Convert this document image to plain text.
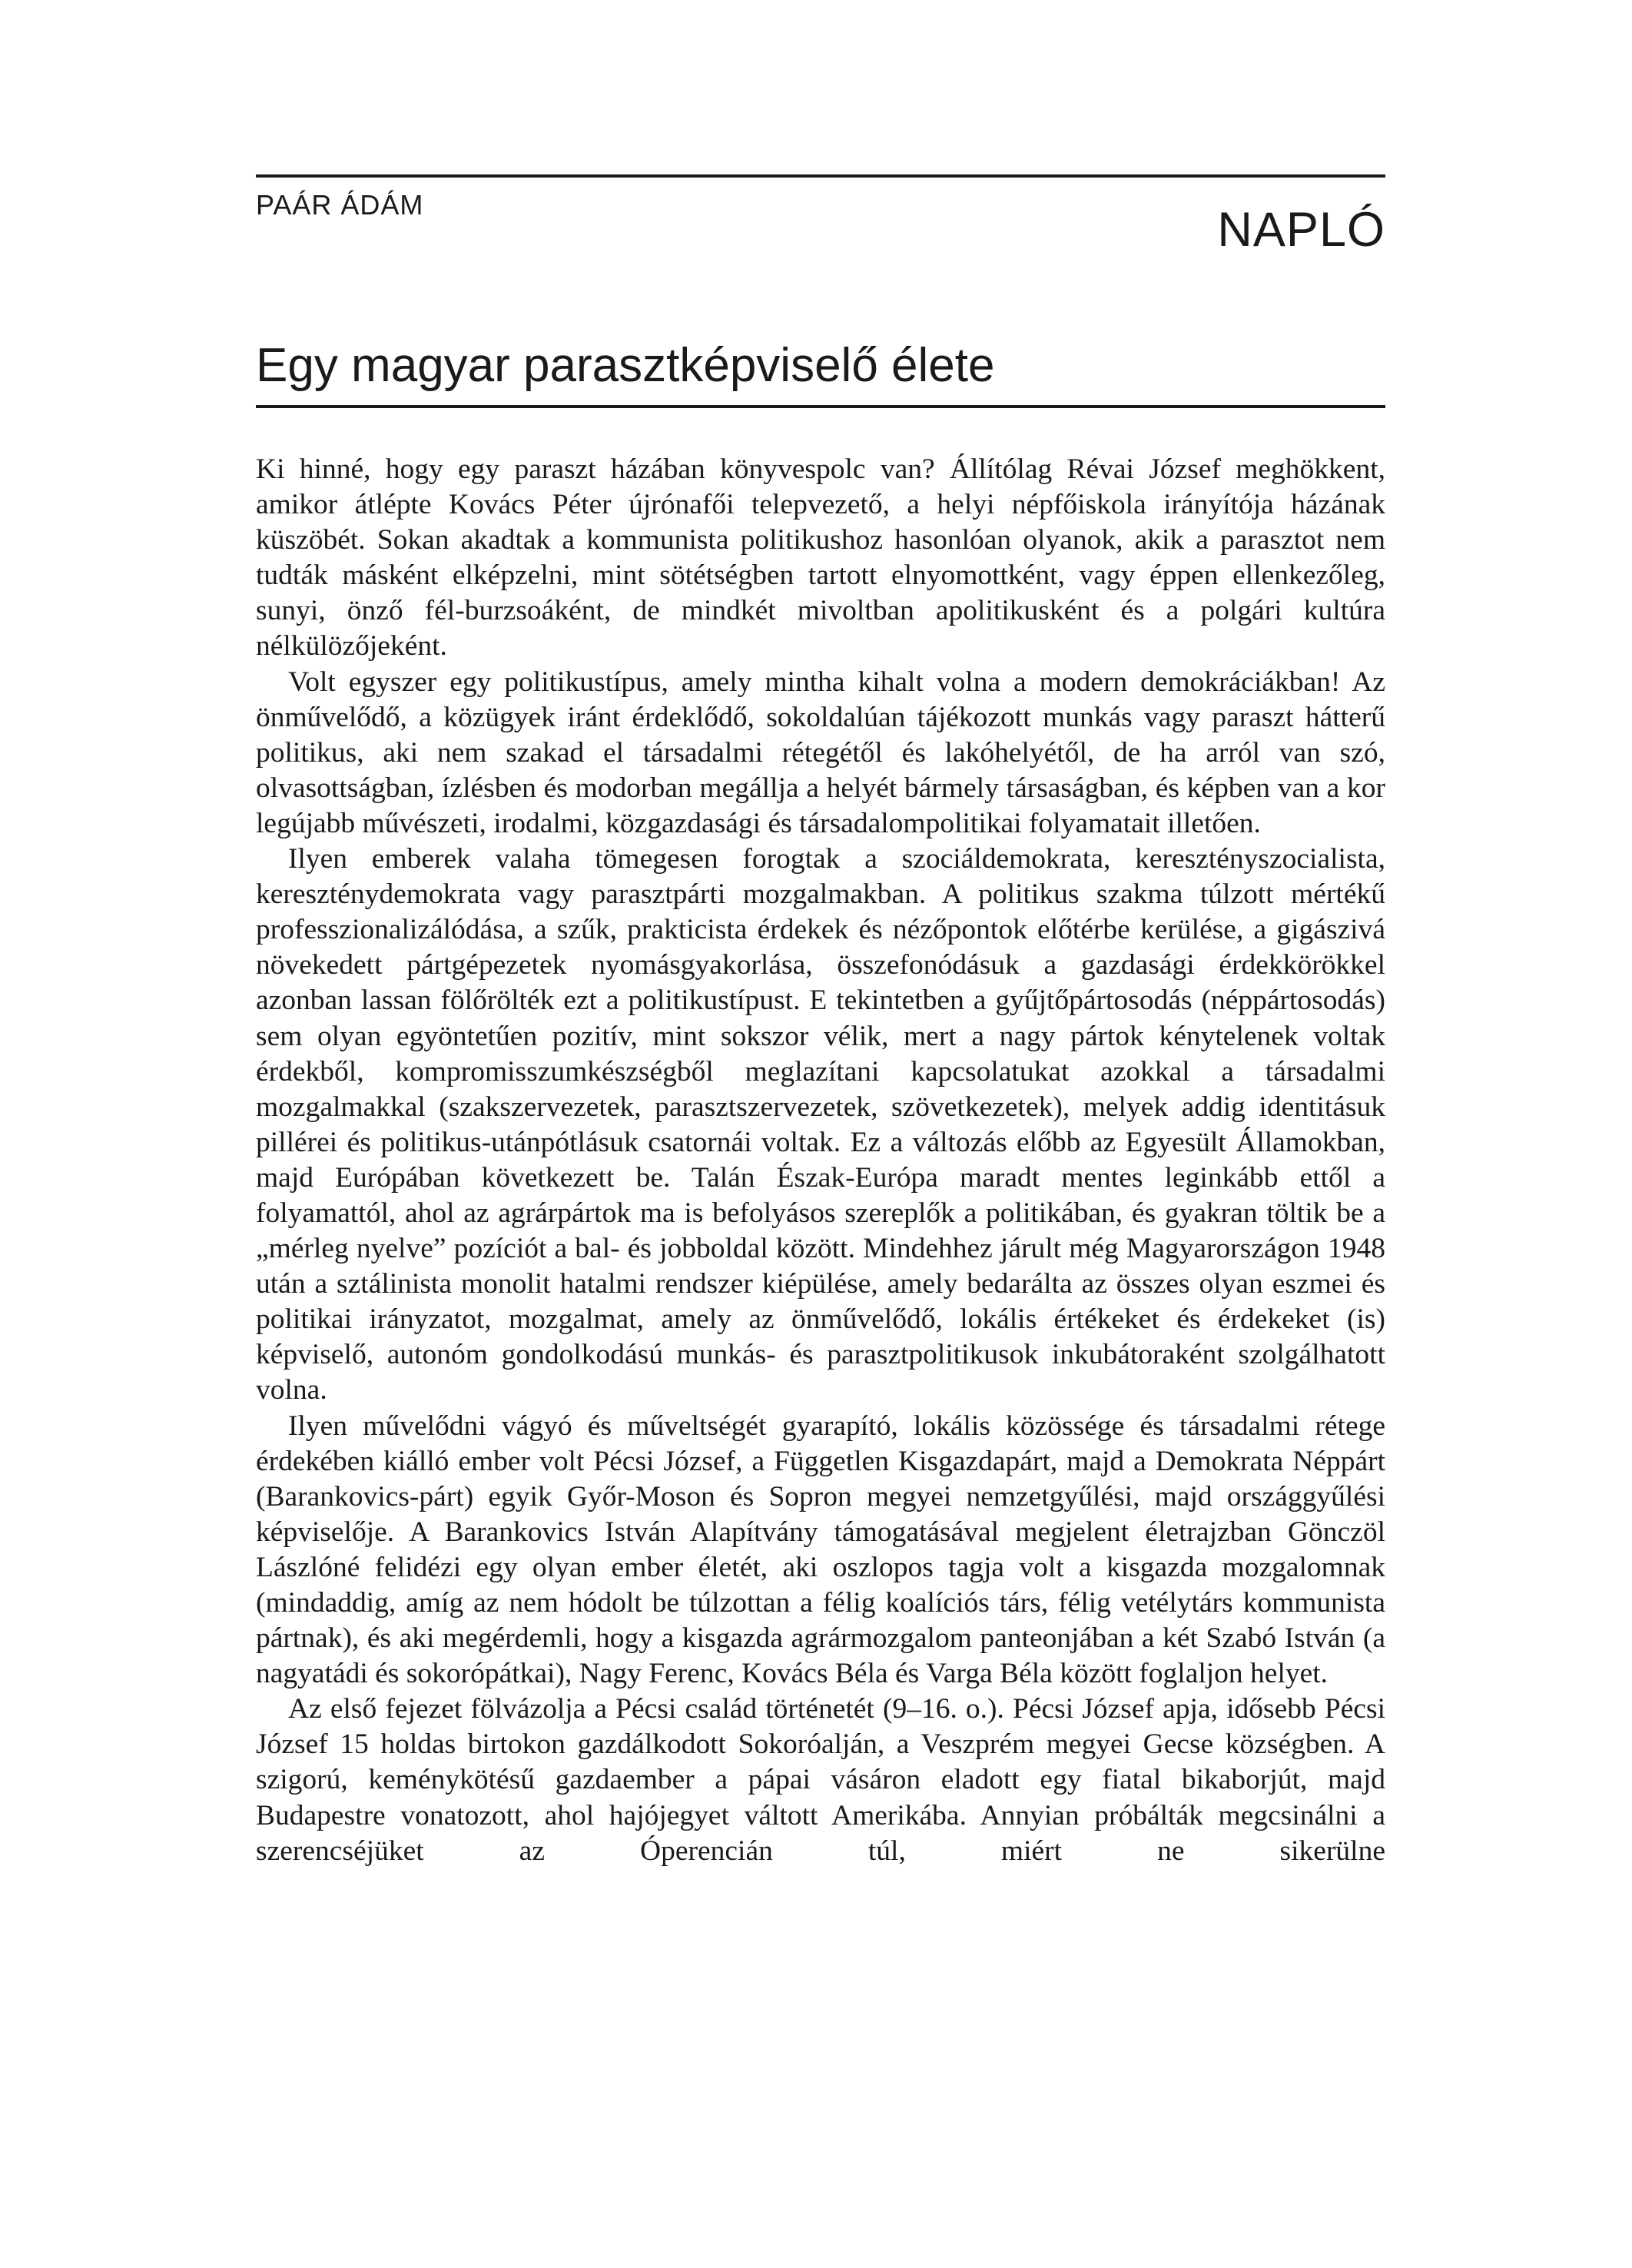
PAÁR ÁDÁM	NAPLÓ
Egy magyar parasztképviselő élete

Ki hinné, hogy egy paraszt házában könyvespolc van? Állítólag Révai József meghökkent, amikor átlépte Kovács Péter újrónafői telepvezető, a helyi népfőiskola irányítója házának küszöbét. Sokan akadtak a kommunista politikushoz hasonlóan olyanok, akik a parasztot nem tudták másként elképzelni, mint sötétségben tartott elnyomottként, vagy éppen ellenkezőleg, sunyi, önző fél-burzsoáként, de mindkét mivoltban apolitikusként és a polgári kultúra nélkülözőjeként.

Volt egyszer egy politikustípus, amely mintha kihalt volna a modern demokráciákban! Az önművelődő, a közügyek iránt érdeklődő, sokoldalúan tájékozott munkás vagy paraszt hátterű politikus, aki nem szakad el társadalmi rétegétől és lakóhelyétől, de ha arról van szó, olvasottságban, ízlésben és modorban megállja a helyét bármely társaságban, és képben van a kor legújabb művészeti, irodalmi, közgazdasági és társadalompolitikai folyamatait illetően.

Ilyen emberek valaha tömegesen forogtak a szociáldemokrata, keresztényszocialista, kereszténydemokrata vagy parasztpárti mozgalmakban. A politikus szakma túlzott mértékű professzionalizálódása, a szűk, prakticista érdekek és nézőpontok előtérbe kerülése, a gigászivá növekedett pártgépezetek nyomásgyakorlása, összefonódásuk a gazdasági érdekkörökkel azonban lassan fölőrölték ezt a politikustípust. E tekintetben a gyűjtőpártosodás (néppártosodás) sem olyan egyöntetűen pozitív, mint sokszor vélik, mert a nagy pártok kénytelenek voltak érdekből, kompromisszumkészségből meglazítani kapcsolatukat azokkal a társadalmi mozgalmakkal (szakszervezetek, parasztszervezetek, szövetkezetek), melyek addig identitásuk pillérei és politikus-utánpótlásuk csatornái voltak. Ez a változás előbb az Egyesült Államokban, majd Európában következett be. Talán Észak-Európa maradt mentes leginkább ettől a folyamattól, ahol az agrárpártok ma is befolyásos szereplők a politikában, és gyakran töltik be a „mérleg nyelve” pozíciót a bal- és jobboldal között. Mindehhez járult még Magyarországon 1948 után a sztálinista monolit hatalmi rendszer kiépülése, amely bedarálta az összes olyan eszmei és politikai irányzatot, mozgalmat, amely az önművelődő, lokális értékeket és érdekeket (is) képviselő, autonóm gondolkodású munkás- és parasztpolitikusok inkubátoraként szolgálhatott volna.

Ilyen művelődni vágyó és műveltségét gyarapító, lokális közössége és társadalmi rétege érdekében kiálló ember volt Pécsi József, a Független Kisgazdapárt, majd a Demokrata Néppárt (Barankovics-párt) egyik Győr-Moson és Sopron megyei nemzetgyűlési, majd országgyűlési képviselője. A Barankovics István Alapítvány támogatásával megjelent életrajzban Gönczöl Lászlóné felidézi egy olyan ember életét, aki oszlopos tagja volt a kisgazda mozgalomnak (mindaddig, amíg az nem hódolt be túlzottan a félig koalíciós társ, félig vetélytárs kommunista pártnak), és aki megérdemli, hogy a kisgazda agrármozgalom panteonjában a két Szabó István (a nagyatádi és sokorópátkai), Nagy Ferenc, Kovács Béla és Varga Béla között foglaljon helyet.

Az első fejezet fölvázolja a Pécsi család történetét (9–16. o.). Pécsi József apja, idősebb Pécsi József 15 holdas birtokon gazdálkodott Sokoróalján, a Veszprém megyei Gecse községben. A szigorú, keménykötésű gazdaember a pápai vásáron eladott egy fiatal bikaborjút, majd Budapestre vonatozott, ahol hajójegyet váltott Amerikába. Annyian próbálták megcsinálni a szerencséjüket az Óperencián túl, miért ne sikerülne
